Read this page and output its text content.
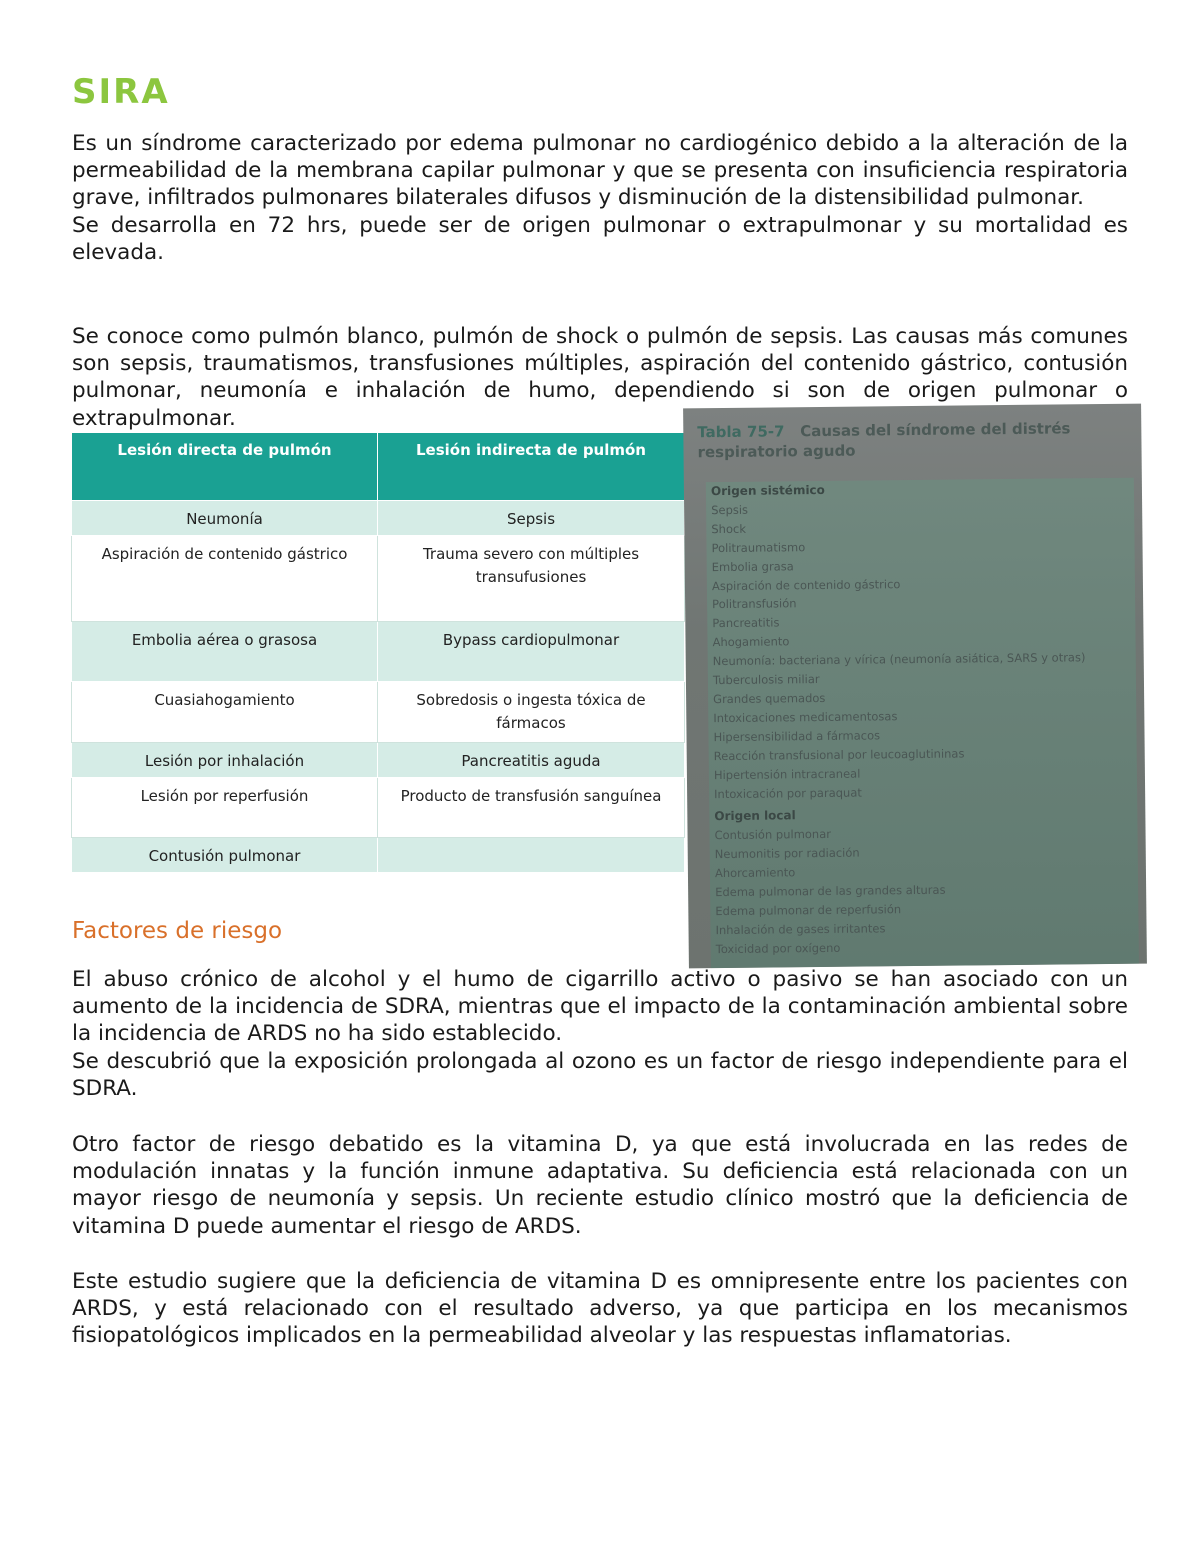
SIRA

Es un síndrome caracterizado por edema pulmonar no cardiogénico debido a la alteración de la permeabilidad de la membrana capilar pulmonar y que se presenta con insuficiencia respiratoria grave, infiltrados pulmonares bilaterales difusos y disminución de la distensibilidad pulmonar.

Se desarrolla en 72 hrs, puede ser de origen pulmonar o extrapulmonar y su mortalidad es elevada.

Se conoce como pulmón blanco, pulmón de shock o pulmón de sepsis. Las causas más comunes son sepsis, traumatismos, transfusiones múltiples, aspiración del contenido gástrico, contusión pulmonar, neumonía e inhalación de humo, dependiendo si son de origen pulmonar o extrapulmonar.

Lesión directa de pulmón	Lesión indirecta de pulmón
Neumonía	Sepsis
Aspiración de contenido gástrico	Trauma severo con múltiples transufusiones
Embolia aérea o grasosa	Bypass cardiopulmonar
Cuasiahogamiento	Sobredosis o ingesta tóxica de fármacos
Lesión por inhalación	Pancreatitis aguda
Lesión por reperfusión	Producto de transfusión sanguínea
Contusión pulmonar	
Tabla 75-7 Causas del síndrome del distrés respiratorio agudo
Origen sistémico
Sepsis
Shock
Politraumatismo
Embolia grasa
Aspiración de contenido gástrico
Politransfusión
Pancreatitis
Ahogamiento
Neumonía: bacteriana y vírica (neumonía asiática, SARS y otras)
Tuberculosis miliar
Grandes quemados
Intoxicaciones medicamentosas
Hipersensibilidad a fármacos
Reacción transfusional por leucoaglutininas
Hipertensión intracraneal
Intoxicación por paraquat
Origen local
Contusión pulmonar
Neumonitis por radiación
Ahorcamiento
Edema pulmonar de las grandes alturas
Edema pulmonar de reperfusión
Inhalación de gases irritantes
Toxicidad por oxígeno
Factores de riesgo

El abuso crónico de alcohol y el humo de cigarrillo activo o pasivo se han asociado con un aumento de la incidencia de SDRA, mientras que el impacto de la contaminación ambiental sobre la incidencia de ARDS no ha sido establecido.

Se descubrió que la exposición prolongada al ozono es un factor de riesgo independiente para el SDRA.

Otro factor de riesgo debatido es la vitamina D, ya que está involucrada en las redes de modulación innatas y la función inmune adaptativa. Su deficiencia está relacionada con un mayor riesgo de neumonía y sepsis. Un reciente estudio clínico mostró que la deficiencia de vitamina D puede aumentar el riesgo de ARDS.

Este estudio sugiere que la deficiencia de vitamina D es omnipresente entre los pacientes con ARDS, y está relacionado con el resultado adverso, ya que participa en los mecanismos fisiopatológicos implicados en la permeabilidad alveolar y las respuestas inflamatorias.
